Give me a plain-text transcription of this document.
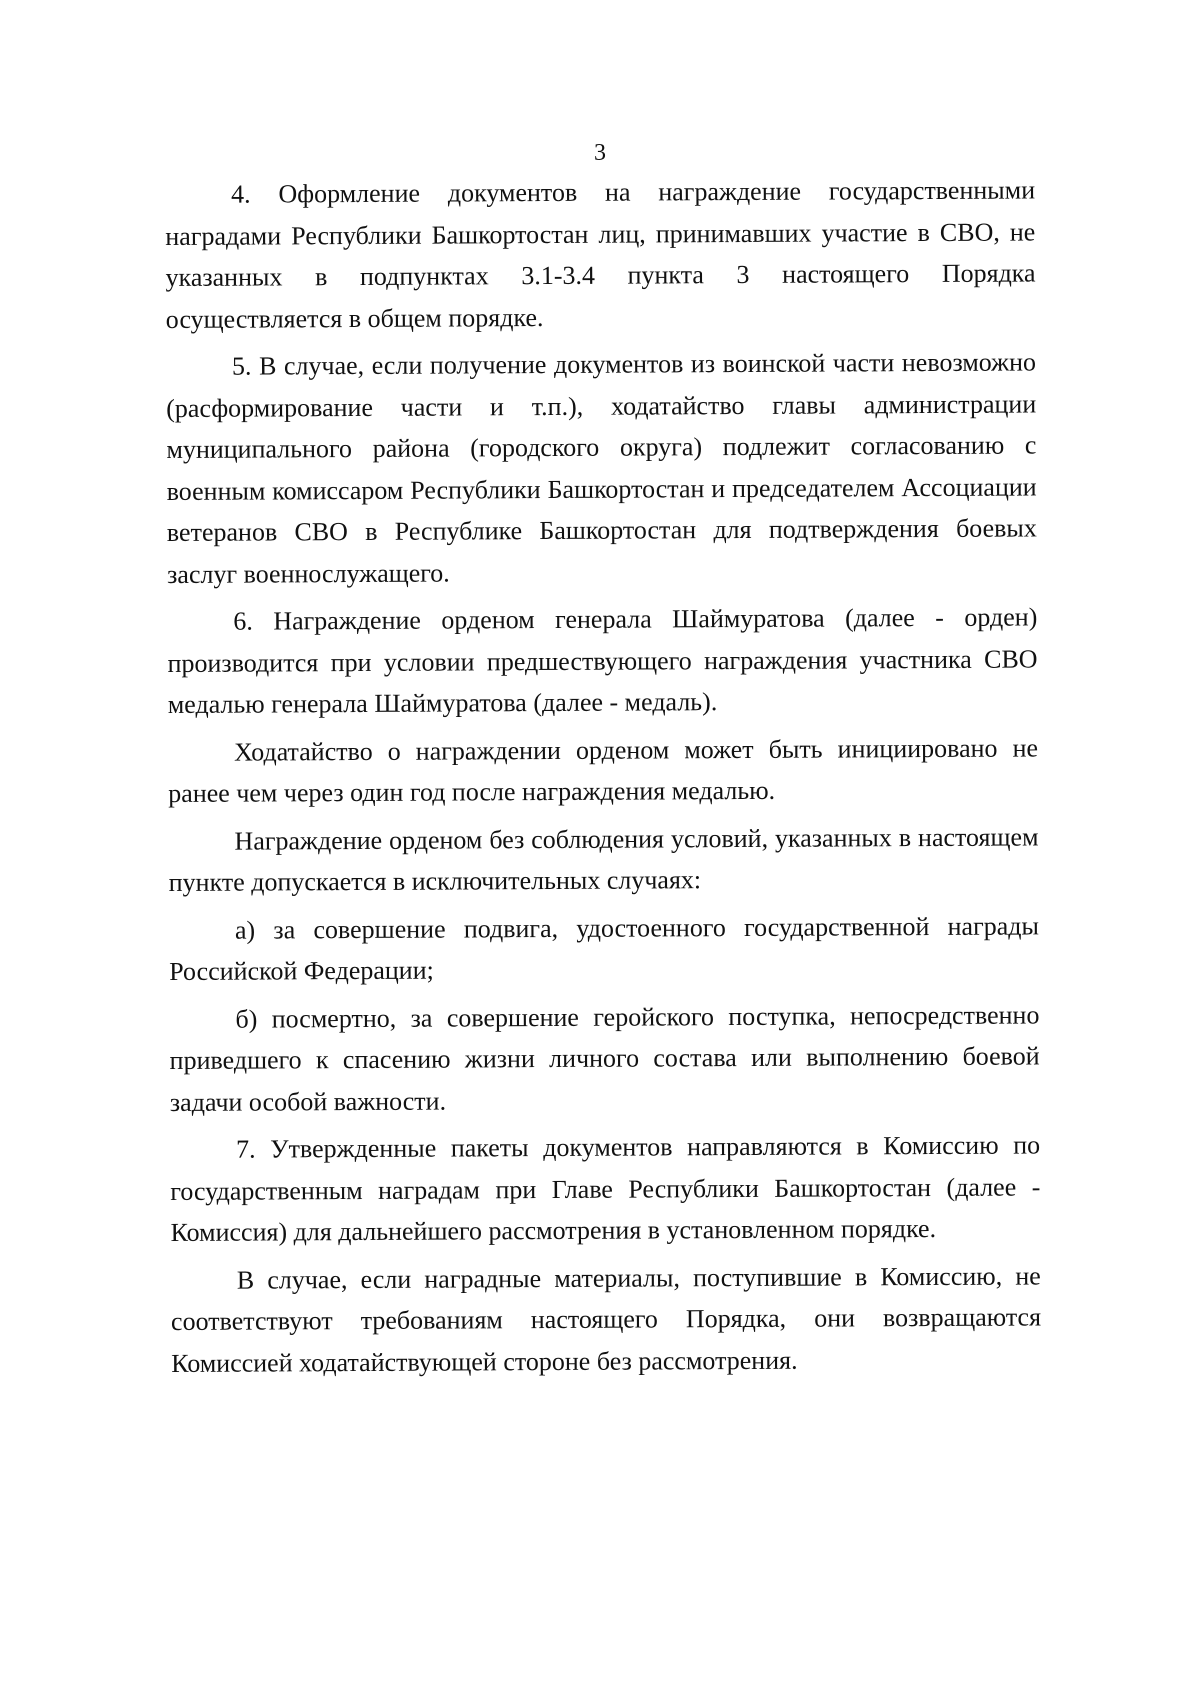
3

4. Оформление документов на награждение государственными наградами Республики Башкортостан лиц, принимавших участие в СВО, не указанных в подпунктах 3.1-3.4 пункта 3 настоящего Порядка осуществляется в общем порядке.

5. В случае, если получение документов из воинской части невозможно (расформирование части и т.п.), ходатайство главы администрации муниципального района (городского округа) подлежит согласованию с военным комиссаром Республики Башкортостан и председателем Ассоциации ветеранов СВО в Республике Башкортостан для подтверждения боевых заслуг военнослужащего.

6. Награждение орденом генерала Шаймуратова (далее - орден) производится при условии предшествующего награждения участника СВО медалью генерала Шаймуратова (далее - медаль).

Ходатайство о награждении орденом может быть инициировано не ранее чем через один год после награждения медалью.

Награждение орденом без соблюдения условий, указанных в настоящем пункте допускается в исключительных случаях:

а) за совершение подвига, удостоенного государственной награды Российской Федерации;

б) посмертно, за совершение геройского поступка, непосредственно приведшего к спасению жизни личного состава или выполнению боевой задачи особой важности.

7. Утвержденные пакеты документов направляются в Комиссию по государственным наградам при Главе Республики Башкортостан (далее - Комиссия) для дальнейшего рассмотрения в установленном порядке.

В случае, если наградные материалы, поступившие в Комиссию, не соответствуют требованиям настоящего Порядка, они возвращаются Комиссией ходатайствующей стороне без рассмотрения.
